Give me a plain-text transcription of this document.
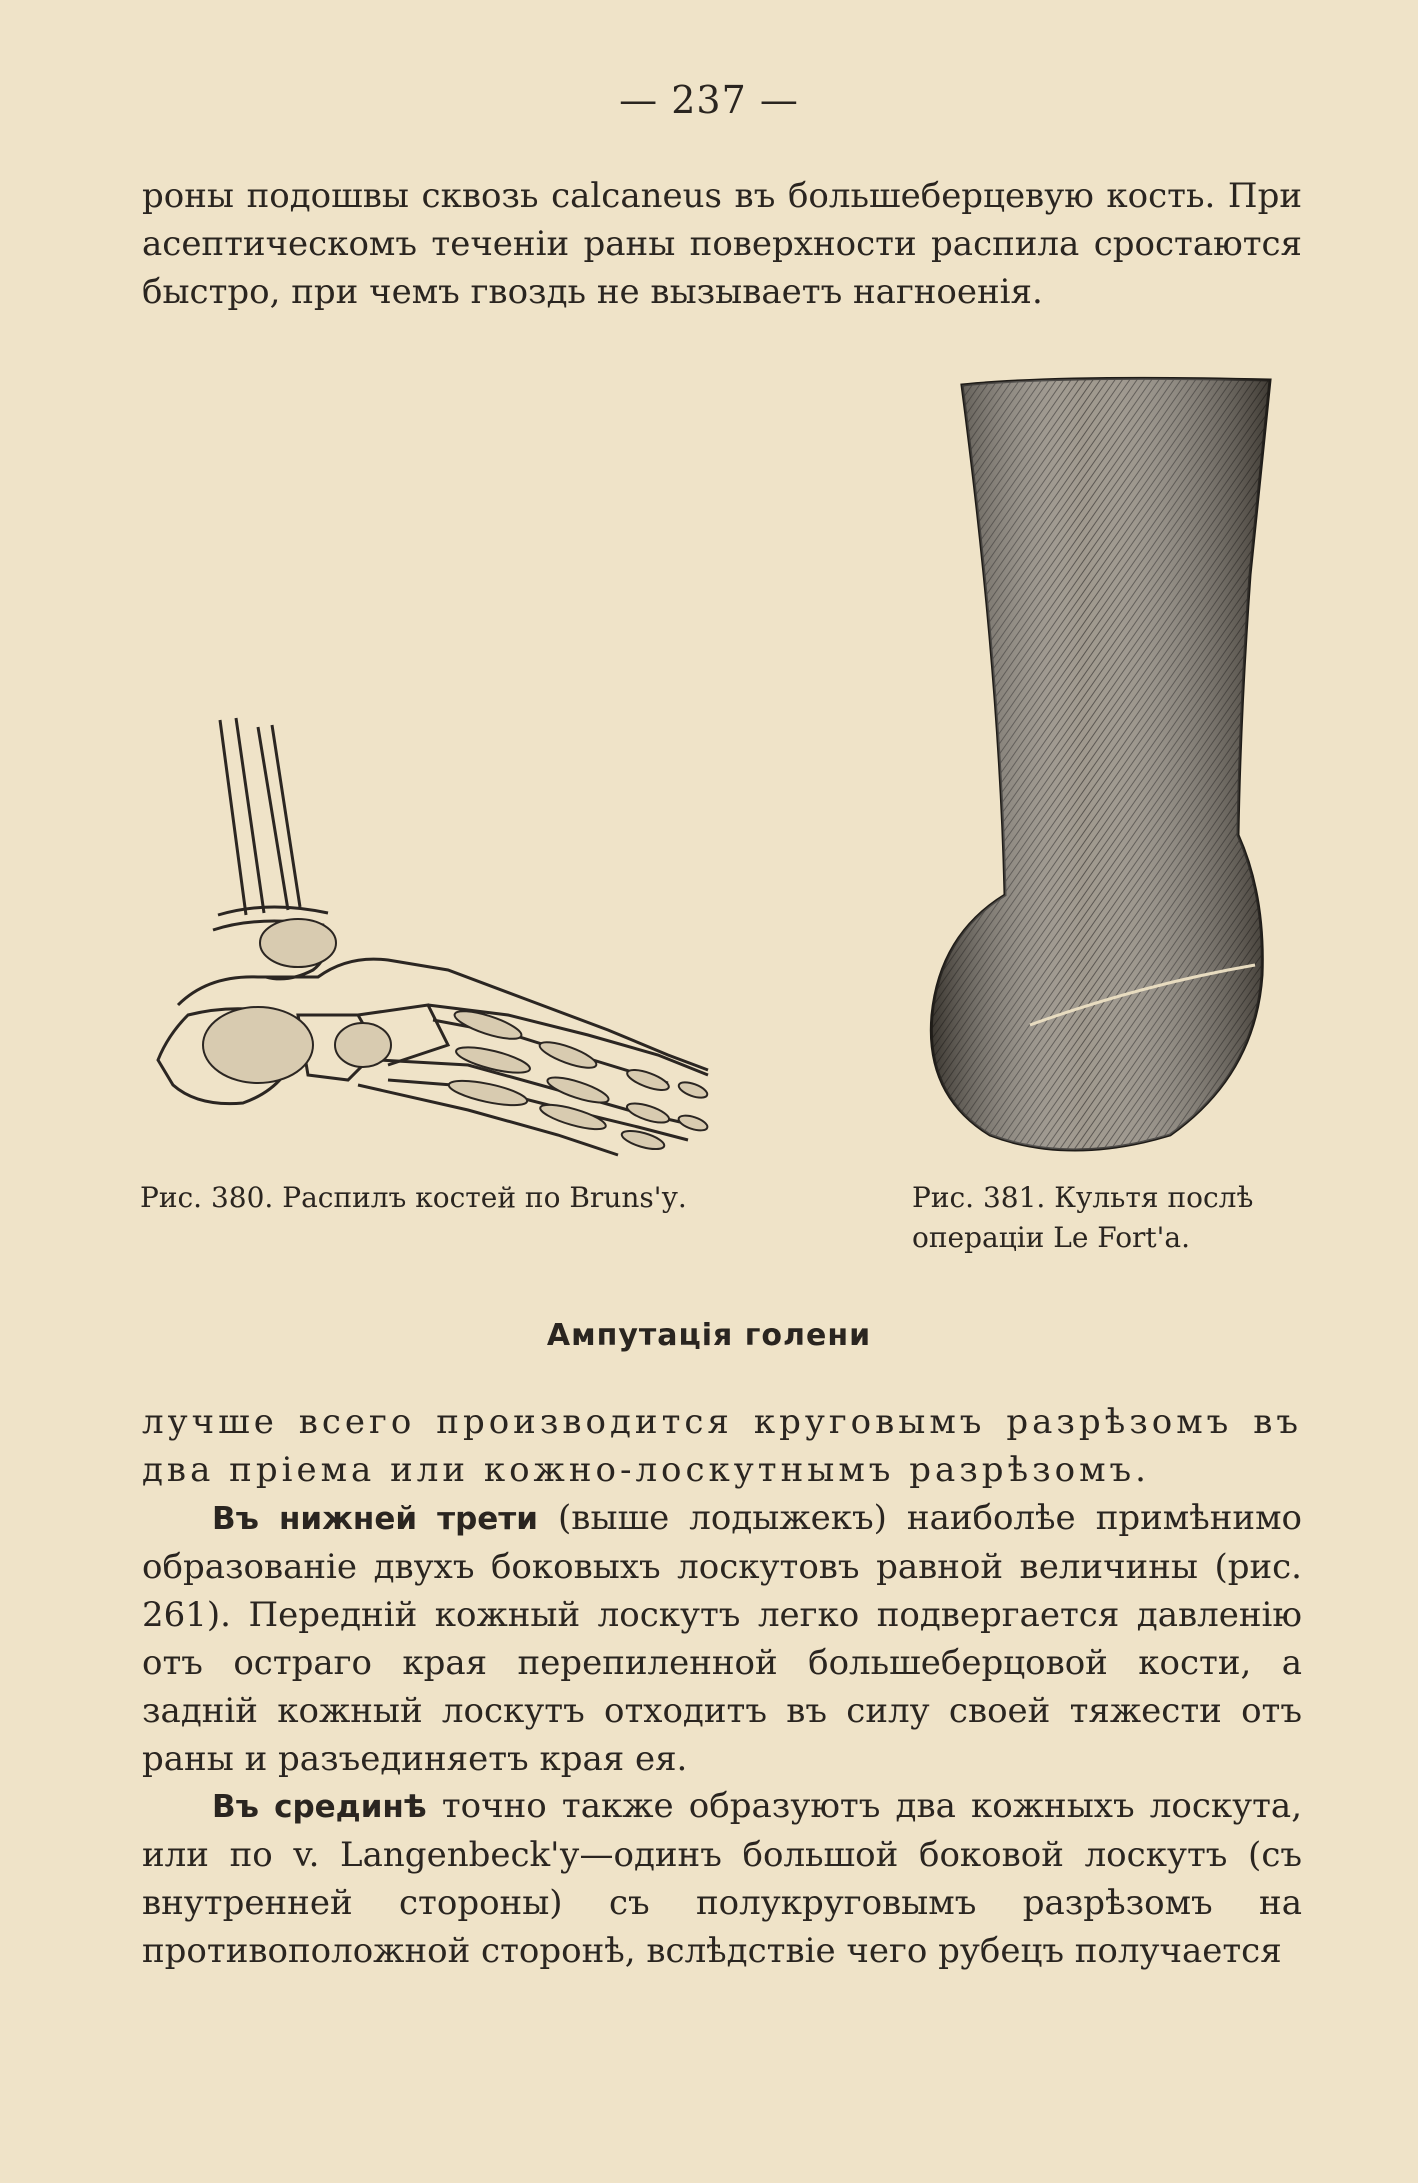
— 237 —
роны подошвы сквозь calcaneus въ большеберцевую кость. При асептическомъ теченiи раны поверхности распила сростаются быстро, при чемъ гвоздь не вызываетъ нагноенiя.
Рис. 380. Распилъ костей по Bruns'у.	Рис. 381. Культя послѣ операцiи Le Fort'а.
Ампутацiя голени
лучше всего производится круговымъ разрѣзомъ въ два прiема или кожно-лоскутнымъ разрѣзомъ.
Въ нижней трети (выше лодыжекъ) наиболѣе примѣнимо образованiе двухъ боковыхъ лоскутовъ равной величины (рис. 261). Переднiй кожный лоскутъ легко подвергается давленiю отъ остраго края перепиленной большеберцовой кости, а заднiй кожный лоскутъ отходитъ въ силу своей тяжести отъ раны и разъединяетъ края ея.
Въ срединѣ точно также образуютъ два кожныхъ лоскута, или по v. Langenbeck'у—одинъ большой боковой лоскутъ (съ внутренней стороны) съ полукруговымъ разрѣзомъ на противоположной сторонѣ, вслѣдствiе чего рубецъ получается
